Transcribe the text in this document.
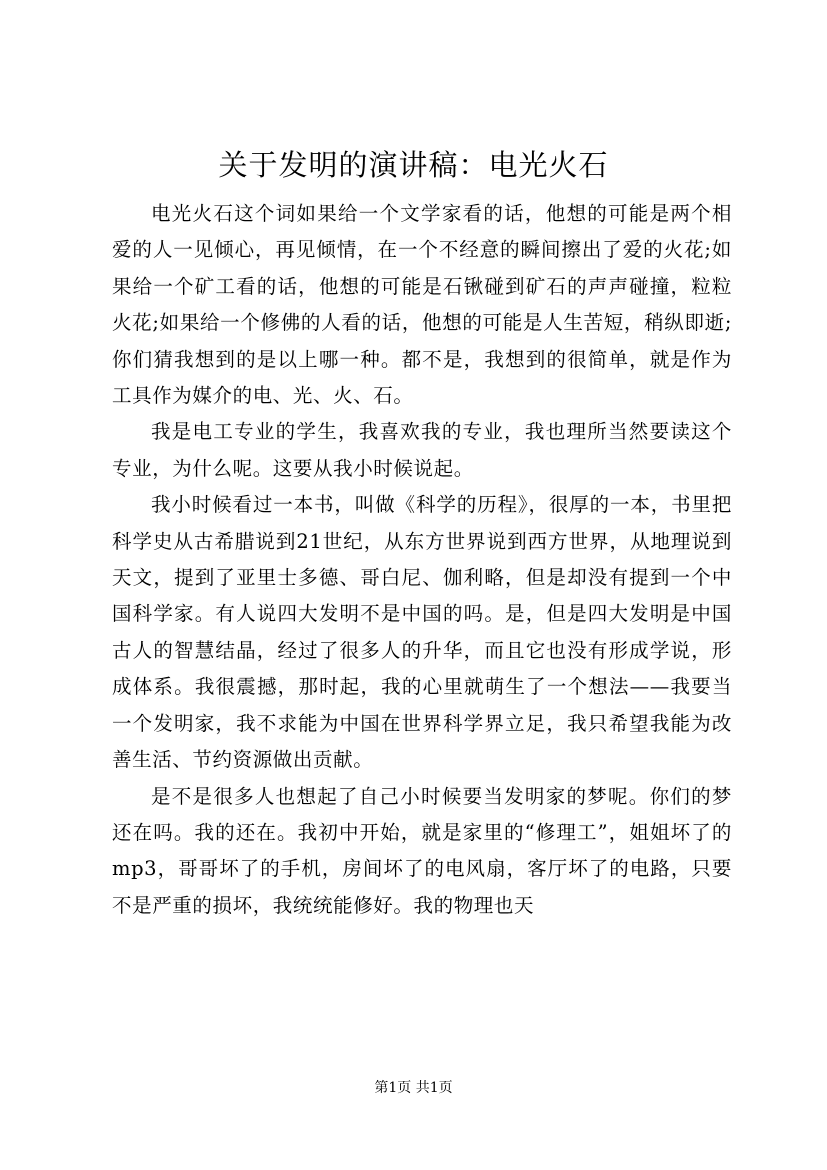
关于发明的演讲稿：电光火石

电光火石这个词如果给一个文学家看的话，他想的可能是两个相爱的人一见倾心，再见倾情，在一个不经意的瞬间擦出了爱的火花;如果给一个矿工看的话，他想的可能是石锹碰到矿石的声声碰撞，粒粒火花;如果给一个修佛的人看的话，他想的可能是人生苦短，稍纵即逝;你们猜我想到的是以上哪一种。都不是，我想到的很简单，就是作为工具作为媒介的电、光、火、石。

我是电工专业的学生，我喜欢我的专业，我也理所当然要读这个专业，为什么呢。这要从我小时候说起。

我小时候看过一本书，叫做《科学的历程》，很厚的一本，书里把科学史从古希腊说到21世纪，从东方世界说到西方世界，从地理说到天文，提到了亚里士多德、哥白尼、伽利略，但是却没有提到一个中国科学家。有人说四大发明不是中国的吗。是，但是四大发明是中国古人的智慧结晶，经过了很多人的升华，而且它也没有形成学说，形成体系。我很震撼，那时起，我的心里就萌生了一个想法——我要当一个发明家，我不求能为中国在世界科学界立足，我只希望我能为改善生活、节约资源做出贡献。

是不是很多人也想起了自己小时候要当发明家的梦呢。你们的梦还在吗。我的还在。我初中开始，就是家里的“修理工”，姐姐坏了的mp3，哥哥坏了的手机，房间坏了的电风扇，客厅坏了的电路，只要不是严重的损坏，我统统能修好。我的物理也天

第1页 共1页
